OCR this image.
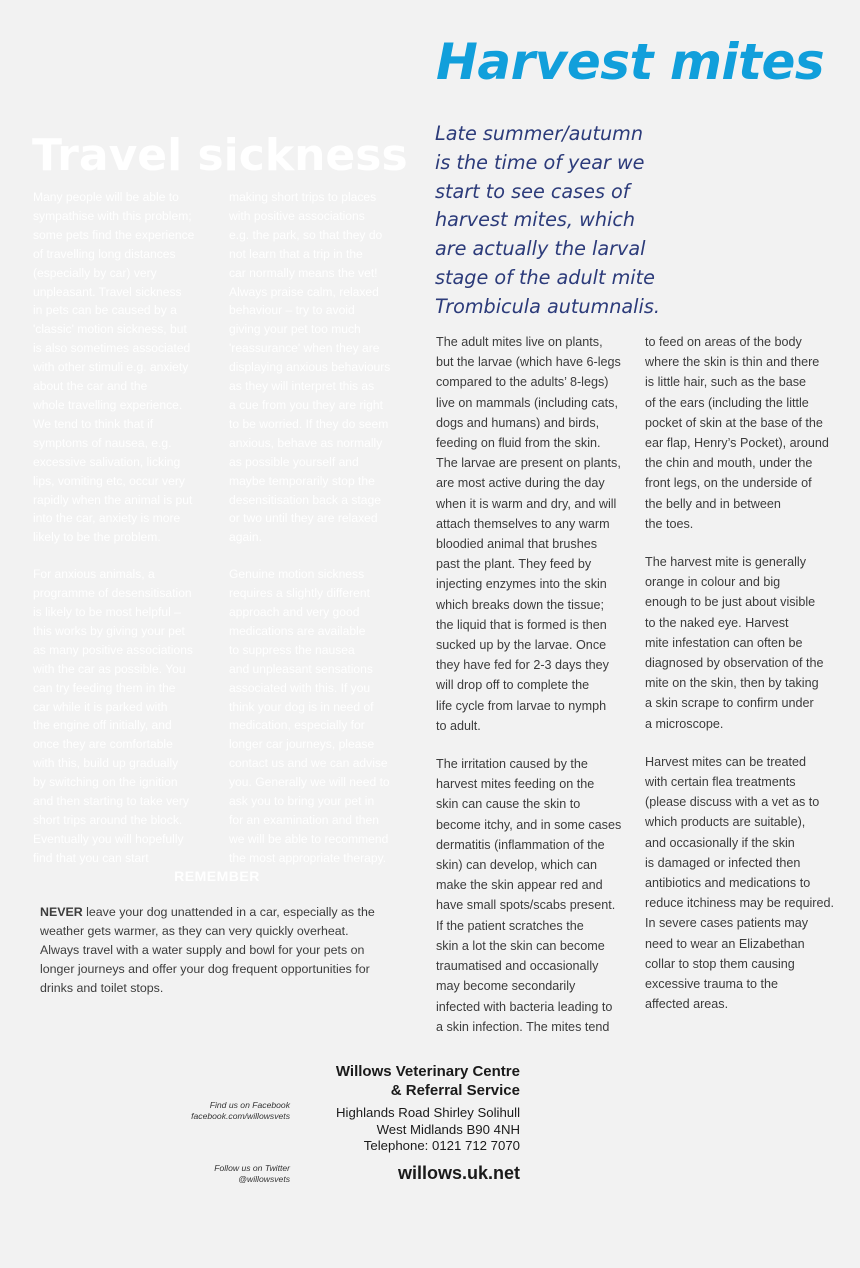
Harvest mites
Late summer/autumn
is the time of year we
start to see cases of
harvest mites, which
are actually the larval
stage of the adult mite
Trombicula autumnalis.
The adult mites live on plants,
but the larvae (which have 6-legs
compared to the adults’ 8-legs)
live on mammals (including cats,
dogs and humans) and birds,
feeding on fluid from the skin.
The larvae are present on plants,
are most active during the day
when it is warm and dry, and will
attach themselves to any warm
bloodied animal that brushes
past the plant. They feed by
injecting enzymes into the skin
which breaks down the tissue;
the liquid that is formed is then
sucked up by the larvae. Once
they have fed for 2-3 days they
will drop off to complete the
life cycle from larvae to nymph
to adult.
The irritation caused by the
harvest mites feeding on the
skin can cause the skin to
become itchy, and in some cases
dermatitis (inflammation of the
skin) can develop, which can
make the skin appear red and
have small spots/scabs present.
If the patient scratches the
skin a lot the skin can become
traumatised and occasionally
may become secondarily
infected with bacteria leading to
a skin infection. The mites tend
to feed on areas of the body
where the skin is thin and there
is little hair, such as the base
of the ears (including the little
pocket of skin at the base of the
ear flap, Henry’s Pocket), around
the chin and mouth, under the
front legs, on the underside of
the belly and in between
the toes.
The harvest mite is generally
orange in colour and big
enough to be just about visible
to the naked eye. Harvest
mite infestation can often be
diagnosed by observation of the
mite on the skin, then by taking
a skin scrape to confirm under
a microscope.
Harvest mites can be treated
with certain flea treatments
(please discuss with a vet as to
which products are suitable),
and occasionally if the skin
is damaged or infected then
antibiotics and medications to
reduce itchiness may be required.
In severe cases patients may
need to wear an Elizabethan
collar to stop them causing
excessive trauma to the
affected areas.
Travel sickness
Many people will be able to
sympathise with this problem;
some pets find the experience
of travelling long distances
(especially by car) very
unpleasant. Travel sickness
in pets can be caused by a
'classic' motion sickness, but
is also sometimes associated
with other stimuli e.g. anxiety
about the car and the
whole travelling experience.
We tend to think that if
symptoms of nausea, e.g.
excessive salivation, licking
lips, vomiting etc, occur very
rapidly when the animal is put
into the car, anxiety is more
likely to be the problem.
For anxious animals, a
programme of desensitisation
is likely to be most helpful –
this works by giving your pet
as many positive associations
with the car as possible. You
can try feeding them in the
car while it is parked with
the engine off initially, and
once they are comfortable
with this, build up gradually
by switching on the ignition
and then starting to take very
short trips around the block.
Eventually you will hopefully
find that you can start
making short trips to places
with positive associations
e.g. the park, so that they do
not learn that a trip in the
car normally means the vet!
Always praise calm, relaxed
behaviour – try to avoid
giving your pet too much
'reassurance' when they are
displaying anxious behaviours
as they will interpret this as
a cue from you they are right
to be worried. If they do seem
anxious, behave as normally
as possible yourself and
maybe temporarily stop the
desensitisation back a stage
or two until they are relaxed
again.
Genuine motion sickness
requires a slightly different
approach and very good
medications are available
to suppress the nausea
and unpleasant sensations
associated with this. If you
think your dog is in need of
medication, especially for
longer car journeys, please
contact us and we can advise
you. Generally we will need to
ask you to bring your pet in
for an examination and then
we will be able to recommend
the most appropriate therapy.
REMEMBER
NEVER leave your dog unattended in a car, especially as the
weather gets warmer, as they can very quickly overheat.
Always travel with a water supply and bowl for your pets on
longer journeys and offer your dog frequent opportunities for
drinks and toilet stops.
Find us on Facebook
facebook.com/willowsvets
Follow us on Twitter
@willowsvets
Willows Veterinary Centre
& Referral Service
Highlands Road Shirley Solihull
West Midlands B90 4NH
Telephone: 0121 712 7070
willows.uk.net
